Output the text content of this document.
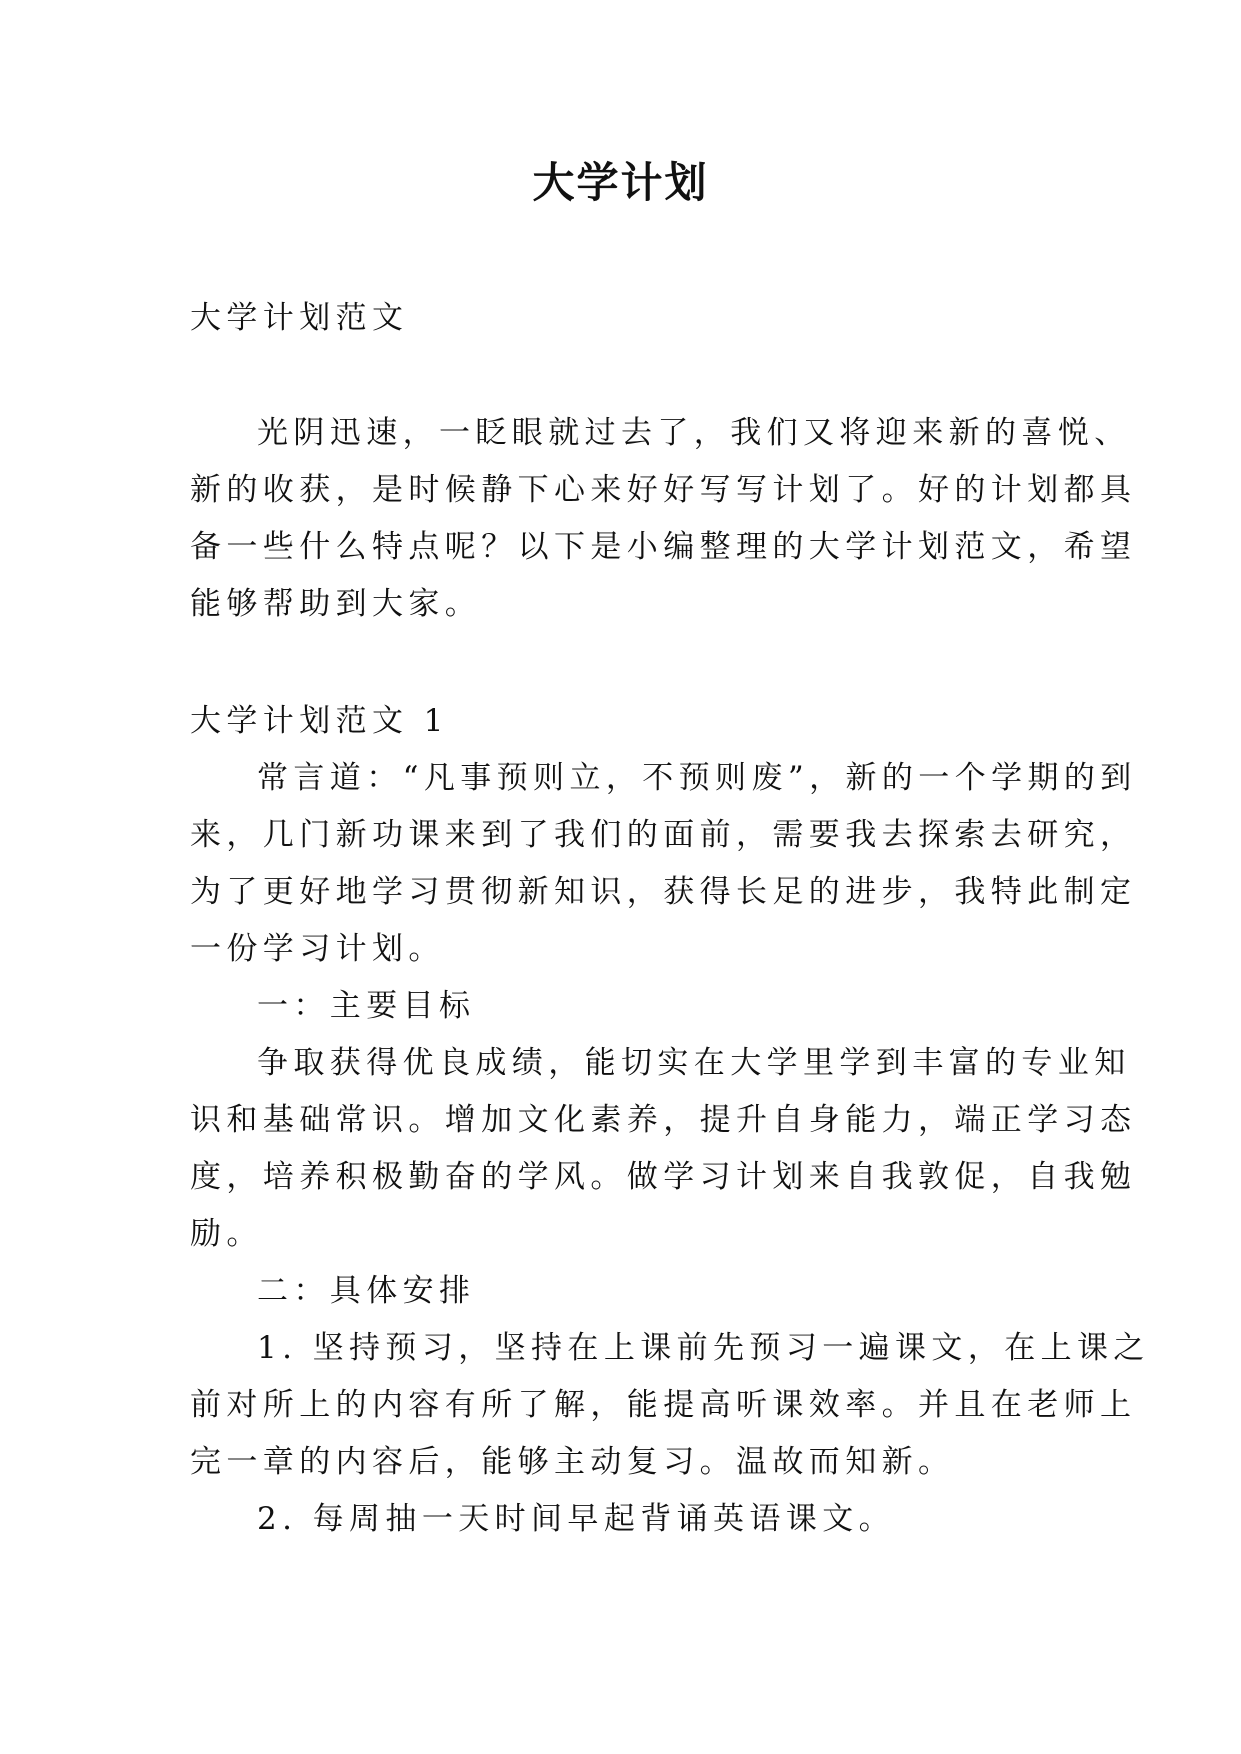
大学计划
大学计划范文
光阴迅速，一眨眼就过去了，我们又将迎来新的喜悦、
新的收获，是时候静下心来好好写写计划了。好的计划都具
备一些什么特点呢？以下是小编整理的大学计划范文，希望
能够帮助到大家。
大学计划范文 1
常言道：“凡事预则立，不预则废”，新的一个学期的到
来，几门新功课来到了我们的面前，需要我去探索去研究，
为了更好地学习贯彻新知识，获得长足的进步，我特此制定
一份学习计划。
一：主要目标
争取获得优良成绩，能切实在大学里学到丰富的专业知
识和基础常识。增加文化素养，提升自身能力，端正学习态
度，培养积极勤奋的学风。做学习计划来自我敦促，自我勉
励。
二：具体安排
1. 坚持预习，坚持在上课前先预习一遍课文，在上课之
前对所上的内容有所了解，能提高听课效率。并且在老师上
完一章的内容后，能够主动复习。温故而知新。
2. 每周抽一天时间早起背诵英语课文。
